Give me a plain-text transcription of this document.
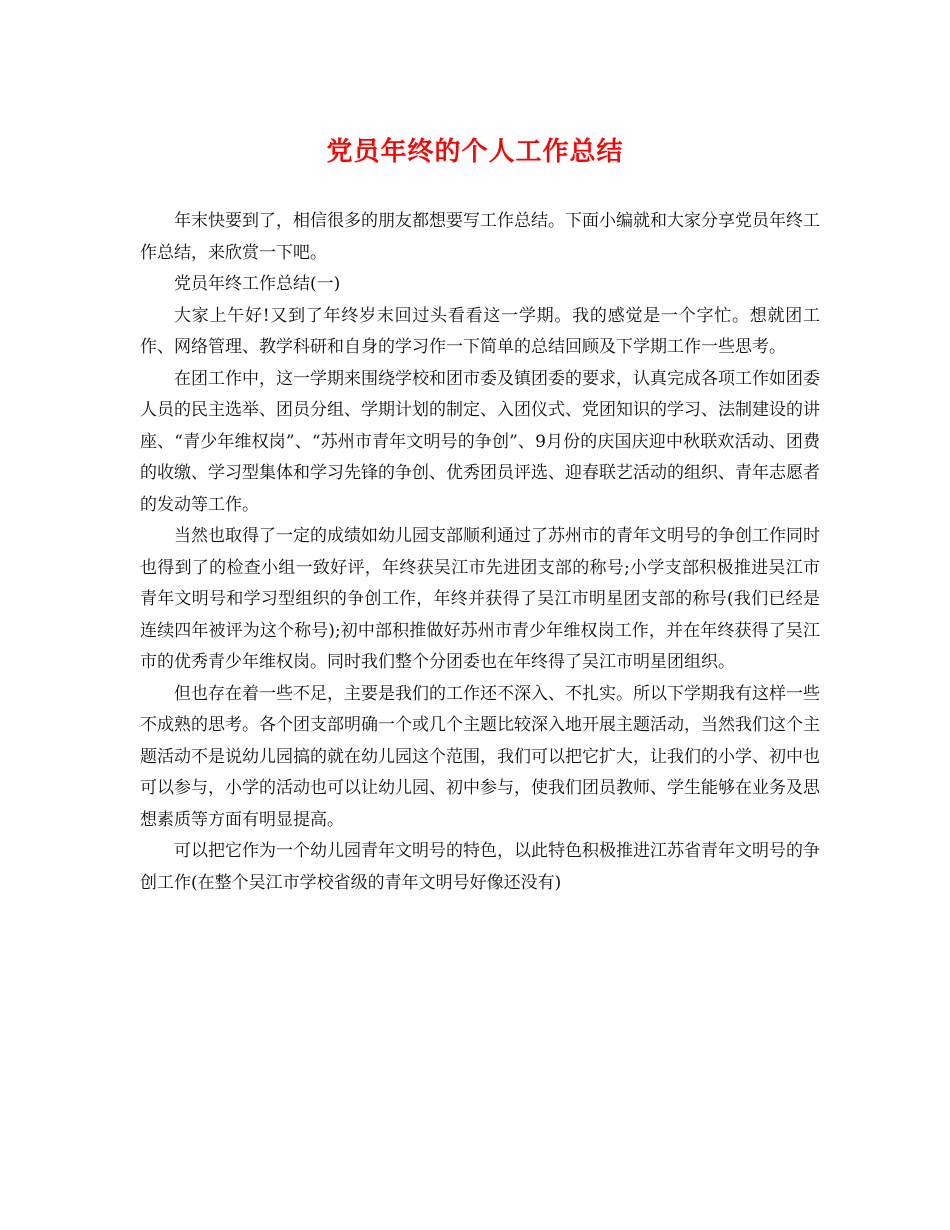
党员年终的个人工作总结

年末快要到了，相信很多的朋友都想要写工作总结。下面小编就和大家分享党员年终工作总结，来欣赏一下吧。

党员年终工作总结(一)

大家上午好!又到了年终岁末回过头看看这一学期。我的感觉是一个字忙。想就团工作、网络管理、教学科研和自身的学习作一下简单的总结回顾及下学期工作一些思考。

在团工作中，这一学期来围绕学校和团市委及镇团委的要求，认真完成各项工作如团委人员的民主选举、团员分组、学期计划的制定、入团仪式、党团知识的学习、法制建设的讲座、“青少年维权岗”、“苏州市青年文明号的争创”、9月份的庆国庆迎中秋联欢活动、团费的收缴、学习型集体和学习先锋的争创、优秀团员评选、迎春联艺活动的组织、青年志愿者的发动等工作。

当然也取得了一定的成绩如幼儿园支部顺利通过了苏州市的青年文明号的争创工作同时也得到了的检查小组一致好评，年终获吴江市先进团支部的称号;小学支部积极推进吴江市青年文明号和学习型组织的争创工作，年终并获得了吴江市明星团支部的称号(我们已经是连续四年被评为这个称号);初中部积推做好苏州市青少年维权岗工作，并在年终获得了吴江市的优秀青少年维权岗。同时我们整个分团委也在年终得了吴江市明星团组织。

但也存在着一些不足，主要是我们的工作还不深入、不扎实。所以下学期我有这样一些不成熟的思考。各个团支部明确一个或几个主题比较深入地开展主题活动，当然我们这个主题活动不是说幼儿园搞的就在幼儿园这个范围，我们可以把它扩大，让我们的小学、初中也可以参与，小学的活动也可以让幼儿园、初中参与，使我们团员教师、学生能够在业务及思想素质等方面有明显提高。

可以把它作为一个幼儿园青年文明号的特色，以此特色积极推进江苏省青年文明号的争创工作(在整个吴江市学校省级的青年文明号好像还没有)
